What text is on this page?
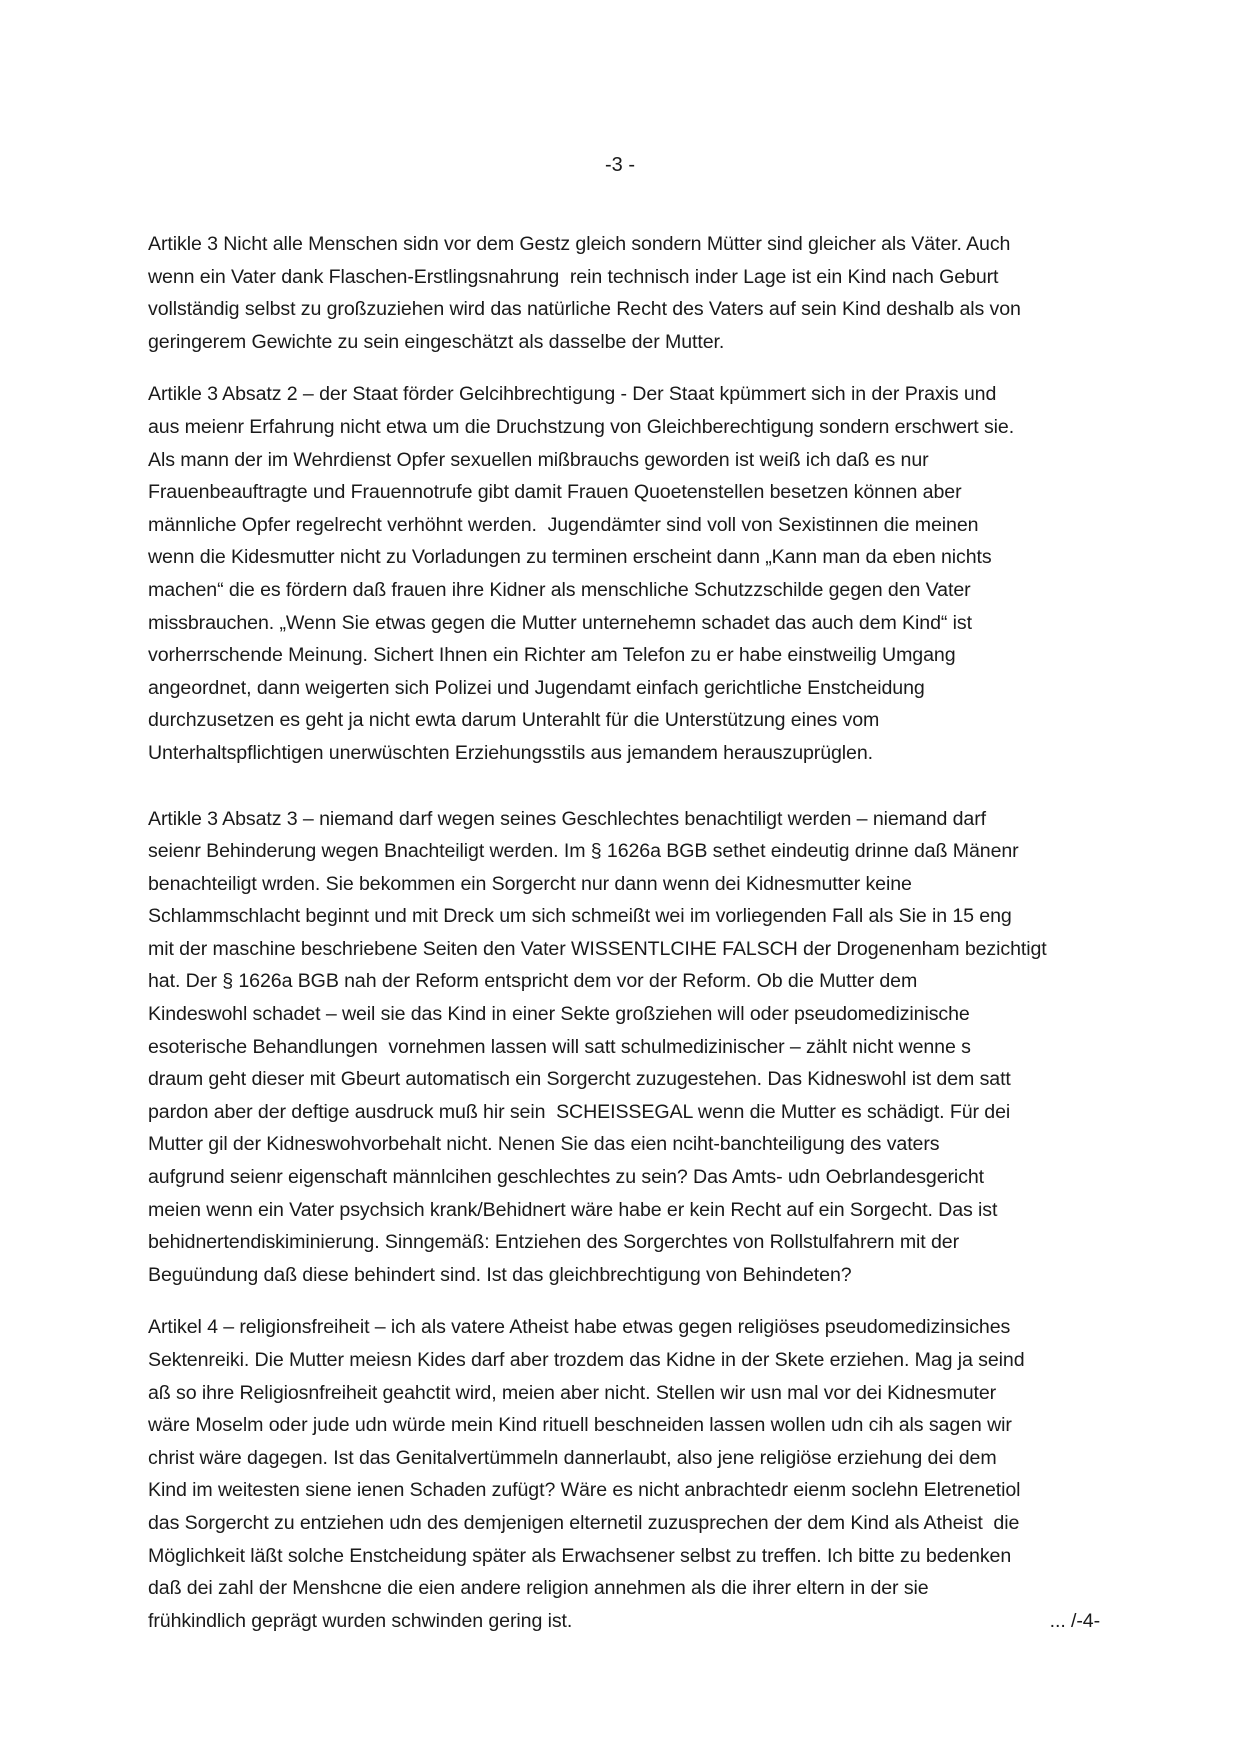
-3 -
Artikle 3 Nicht alle Menschen sidn vor dem Gestz gleich sondern Mütter sind gleicher als Väter. Auch
wenn ein Vater dank Flaschen-Erstlingsnahrung  rein technisch inder Lage ist ein Kind nach Geburt
vollständig selbst zu großzuziehen wird das natürliche Recht des Vaters auf sein Kind deshalb als von
geringerem Gewichte zu sein eingeschätzt als dasselbe der Mutter.
Artikle 3 Absatz 2 – der Staat förder Gelcihbrechtigung - Der Staat kpümmert sich in der Praxis und
aus meienr Erfahrung nicht etwa um die Druchstzung von Gleichberechtigung sondern erschwert sie.
Als mann der im Wehrdienst Opfer sexuellen mißbrauchs geworden ist weiß ich daß es nur
Frauenbeauftragte und Frauennotrufe gibt damit Frauen Quoetenstellen besetzen können aber
männliche Opfer regelrecht verhöhnt werden.  Jugendämter sind voll von Sexistinnen die meinen
wenn die Kidesmutter nicht zu Vorladungen zu terminen erscheint dann „Kann man da eben nichts
machen“ die es fördern daß frauen ihre Kidner als menschliche Schutzzschilde gegen den Vater
missbrauchen. „Wenn Sie etwas gegen die Mutter unternehemn schadet das auch dem Kind“ ist
vorherrschende Meinung. Sichert Ihnen ein Richter am Telefon zu er habe einstweilig Umgang
angeordnet, dann weigerten sich Polizei und Jugendamt einfach gerichtliche Enstcheidung
durchzusetzen es geht ja nicht ewta darum Unterahlt für die Unterstützung eines vom
Unterhaltspflichtigen unerwüschten Erziehungsstils aus jemandem herauszuprüglen.
Artikle 3 Absatz 3 – niemand darf wegen seines Geschlechtes benachtiligt werden – niemand darf
seienr Behinderung wegen Bnachteiligt werden. Im § 1626a BGB sethet eindeutig drinne daß Mänenr
benachteiligt wrden. Sie bekommen ein Sorgercht nur dann wenn dei Kidnesmutter keine
Schlammschlacht beginnt und mit Dreck um sich schmeißt wei im vorliegenden Fall als Sie in 15 eng
mit der maschine beschriebene Seiten den Vater WISSENTLCIHE FALSCH der Drogenenham bezichtigt
hat. Der § 1626a BGB nah der Reform entspricht dem vor der Reform. Ob die Mutter dem
Kindeswohl schadet – weil sie das Kind in einer Sekte großziehen will oder pseudomedizinische
esoterische Behandlungen  vornehmen lassen will satt schulmedizinischer – zählt nicht wenne s
draum geht dieser mit Gbeurt automatisch ein Sorgercht zuzugestehen. Das Kidneswohl ist dem satt
pardon aber der deftige ausdruck muß hir sein  SCHEISSEGAL wenn die Mutter es schädigt. Für dei
Mutter gil der Kidneswohvorbehalt nicht. Nenen Sie das eien nciht-banchteiligung des vaters
aufgrund seienr eigenschaft männlcihen geschlechtes zu sein? Das Amts- udn Oebrlandesgericht
meien wenn ein Vater psychsich krank/Behidnert wäre habe er kein Recht auf ein Sorgecht. Das ist
behidnertendiskiminierung. Sinngemäß: Entziehen des Sorgerchtes von Rollstulfahrern mit der
Beguündung daß diese behindert sind. Ist das gleichbrechtigung von Behindeten?
Artikel 4 – religionsfreiheit – ich als vatere Atheist habe etwas gegen religiöses pseudomedizinsiches
Sektenreiki. Die Mutter meiesn Kides darf aber trozdem das Kidne in der Skete erziehen. Mag ja seind
aß so ihre Religiosnfreiheit geahctit wird, meien aber nicht. Stellen wir usn mal vor dei Kidnesmuter
wäre Moselm oder jude udn würde mein Kind rituell beschneiden lassen wollen udn cih als sagen wir
christ wäre dagegen. Ist das Genitalvertümmeln dannerlaubt, also jene religiöse erziehung dei dem
Kind im weitesten siene ienen Schaden zufügt? Wäre es nicht anbrachtedr eienm soclehn Eletrenetiol
das Sorgercht zu entziehen udn des demjenigen elternetil zuzusprechen der dem Kind als Atheist  die
Möglichkeit läßt solche Enstcheidung später als Erwachsener selbst zu treffen. Ich bitte zu bedenken
daß dei zahl der Menshcne die eien andere religion annehmen als die ihrer eltern in der sie
frühkindlich geprägt wurden schwinden gering ist.	... /-4-
